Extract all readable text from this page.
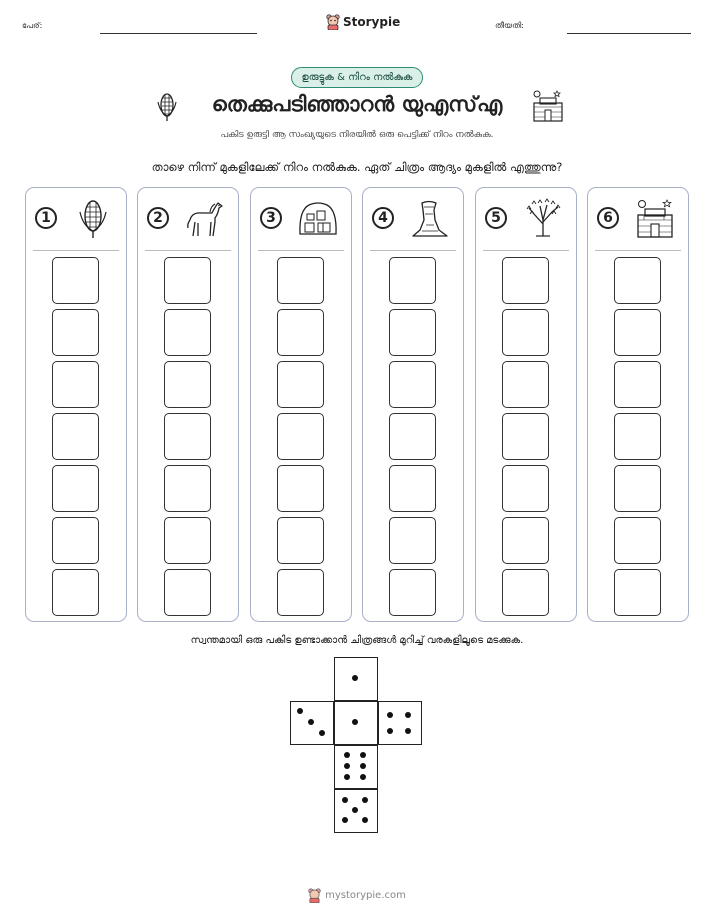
പേര്:	Storypie	തീയതി:
ഉരുട്ടുക & നിറം നൽകുക
തെക്കുപടിഞ്ഞാറൻ യുഎസ്എ
പകിട ഉരുട്ടി ആ സംഖ്യയുടെ നിരയിൽ ഒരു പെട്ടിക്ക് നിറം നൽകുക.
താഴെ നിന്ന് മുകളിലേക്ക് നിറം നൽകുക. ഏത് ചിത്രം ആദ്യം മുകളിൽ എത്തുന്നു?
1	2	3	4	5	6
സ്വന്തമായി ഒരു പകിട ഉണ്ടാക്കാൻ ചിത്രങ്ങൾ മുറിച്ച് വരകളിലൂടെ മടക്കുക.
mystorypie.com
